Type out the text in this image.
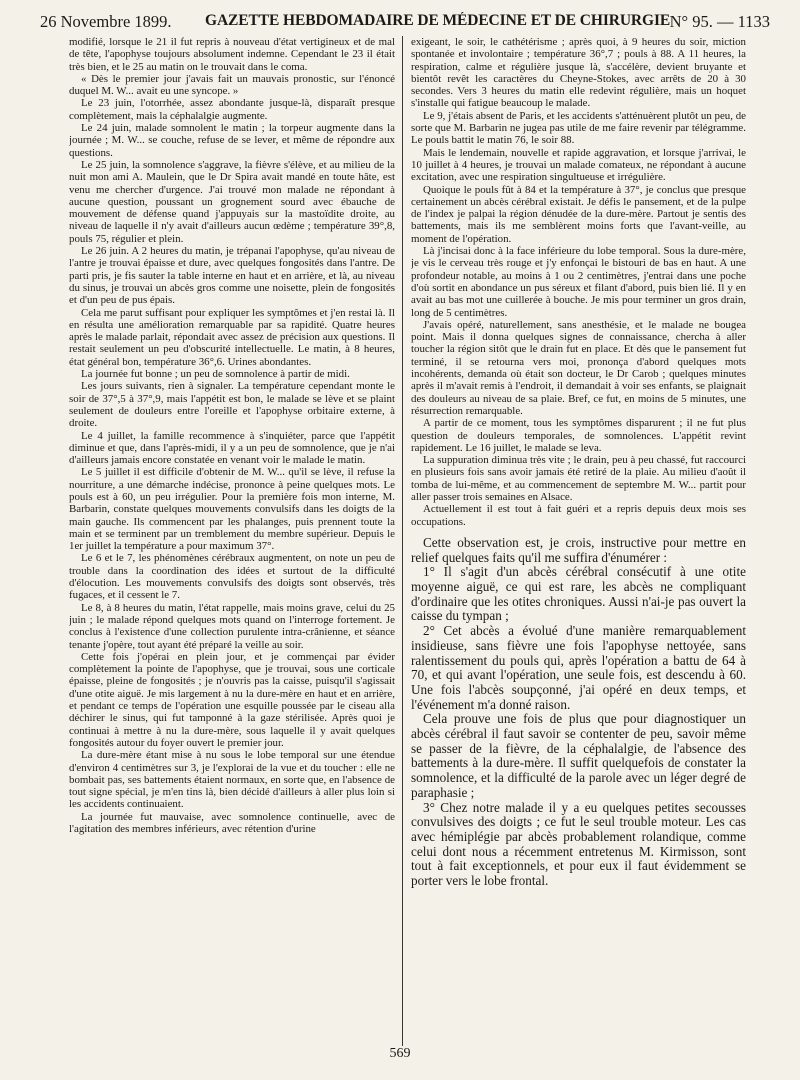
26 Novembre 1899. GAZETTE HEBDOMADAIRE DE MÉDECINE ET DE CHIRURGIE N° 95. — 1133

modifié, lorsque le 21 il fut repris à nouveau d'état vertigineux et de mal de tête, l'apophyse toujours absolument indemne. Cependant le 23 il était très bien, et le 25 au matin on le trouvait dans le coma.

« Dès le premier jour j'avais fait un mauvais pronostic, sur l'énoncé duquel M. W... avait eu une syncope. »

Le 23 juin, l'otorrhée, assez abondante jusque-là, disparaît presque complètement, mais la céphalalgie augmente.

Le 24 juin, malade somnolent le matin ; la torpeur augmente dans la journée ; M. W... se couche, refuse de se lever, et même de répondre aux questions.

Le 25 juin, la somnolence s'aggrave, la fièvre s'élève, et au milieu de la nuit mon ami A. Maulein, que le Dr Spira avait mandé en toute hâte, est venu me chercher d'urgence. J'ai trouvé mon malade ne répondant à aucune question, poussant un grognement sourd avec ébauche de mouvement de défense quand j'appuyais sur la mastoïdite droite, au niveau de laquelle il n'y avait d'ailleurs aucun œdème ; température 39°,8, pouls 75, régulier et plein.

Le 26 juin. A 2 heures du matin, je trépanai l'apophyse, qu'au niveau de l'antre je trouvai épaisse et dure, avec quelques fongosités dans l'antre. De parti pris, je fis sauter la table interne en haut et en arrière, et là, au niveau du sinus, je trouvai un abcès gros comme une noisette, plein de fongosités et d'un peu de pus épais.

Cela me parut suffisant pour expliquer les symptômes et j'en restai là. Il en résulta une amélioration remarquable par sa rapidité. Quatre heures après le malade parlait, répondait avec assez de précision aux questions. Il restait seulement un peu d'obscurité intellectuelle. Le matin, à 8 heures, état général bon, température 36°,6. Urines abondantes.

La journée fut bonne ; un peu de somnolence à partir de midi.

Les jours suivants, rien à signaler. La température cependant monte le soir de 37°,5 à 37°,9, mais l'appétit est bon, le malade se lève et se plaint seulement de douleurs entre l'oreille et l'apophyse orbitaire externe, à droite.

Le 4 juillet, la famille recommence à s'inquiéter, parce que l'appétit diminue et que, dans l'après-midi, il y a un peu de somnolence, que je n'ai d'ailleurs jamais encore constatée en venant voir le malade le matin.

Le 5 juillet il est difficile d'obtenir de M. W... qu'il se lève, il refuse la nourriture, a une démarche indécise, prononce à peine quelques mots. Le pouls est à 60, un peu irrégulier. Pour la première fois mon interne, M. Barbarin, constate quelques mouvements convulsifs dans les doigts de la main gauche. Ils commencent par les phalanges, puis prennent toute la main et se terminent par un tremblement du membre supérieur. Depuis le 1er juillet la température a pour maximum 37°.

Le 6 et le 7, les phénomènes cérébraux augmentent, on note un peu de trouble dans la coordination des idées et surtout de la difficulté d'élocution. Les mouvements convulsifs des doigts sont observés, très fugaces, et il cessent le 7.

Le 8, à 8 heures du matin, l'état rappelle, mais moins grave, celui du 25 juin ; le malade répond quelques mots quand on l'interroge fortement. Je conclus à l'existence d'une collection purulente intra-crânienne, et séance tenante j'opère, tout ayant été préparé la veille au soir.

Cette fois j'opérai en plein jour, et je commençai par évider complètement la pointe de l'apophyse, que je trouvai, sous une corticale épaisse, pleine de fongosités ; je n'ouvris pas la caisse, puisqu'il s'agissait d'une otite aiguë. Je mis largement à nu la dure-mère en haut et en arrière, et pendant ce temps de l'opération une esquille poussée par le ciseau alla déchirer le sinus, qui fut tamponné à la gaze stérilisée. Après quoi je continuai à mettre à nu la dure-mère, sous laquelle il y avait quelques fongosités autour du foyer ouvert le premier jour.

La dure-mère étant mise à nu sous le lobe temporal sur une étendue d'environ 4 centimètres sur 3, je l'explorai de la vue et du toucher : elle ne bombait pas, ses battements étaient normaux, en sorte que, en l'absence de tout signe spécial, je m'en tins là, bien décidé d'ailleurs à aller plus loin si les accidents continuaient.

La journée fut mauvaise, avec somnolence continuelle, avec de l'agitation des membres inférieurs, avec rétention d'urine

exigeant, le soir, le cathétérisme ; après quoi, à 9 heures du soir, miction spontanée et involontaire ; température 36°,7 ; pouls à 88. A 11 heures, la respiration, calme et régulière jusque là, s'accélère, devient bruyante et bientôt revêt les caractères du Cheyne-Stokes, avec arrêts de 20 à 30 secondes. Vers 3 heures du matin elle redevint régulière, mais un hoquet s'installe qui fatigue beaucoup le malade.

Le 9, j'étais absent de Paris, et les accidents s'atténuèrent plutôt un peu, de sorte que M. Barbarin ne jugea pas utile de me faire revenir par télégramme. Le pouls battit le matin 76, le soir 88.

Mais le lendemain, nouvelle et rapide aggravation, et lorsque j'arrivai, le 10 juillet à 4 heures, je trouvai un malade comateux, ne répondant à aucune excitation, avec une respiration singultueuse et irrégulière.

Quoique le pouls fût à 84 et la température à 37°, je conclus que presque certainement un abcès cérébral existait. Je défis le pansement, et de la pulpe de l'index je palpai la région dénudée de la dure-mère. Partout je sentis des battements, mais ils me semblèrent moins forts que l'avant-veille, au moment de l'opération.

Là j'incisai donc à la face inférieure du lobe temporal. Sous la dure-mère, je vis le cerveau très rouge et j'y enfonçai le bistouri de bas en haut. A une profondeur notable, au moins à 1 ou 2 centimètres, j'entrai dans une poche d'où sortit en abondance un pus séreux et filant d'abord, puis bien lié. Il y en avait au bas mot une cuillerée à bouche. Je mis pour terminer un gros drain, long de 5 centimètres.

J'avais opéré, naturellement, sans anesthésie, et le malade ne bougea point. Mais il donna quelques signes de connaissance, chercha à aller toucher la région sitôt que le drain fut en place. Et dès que le pansement fut terminé, il se retourna vers moi, prononça d'abord quelques mots incohérents, demanda où était son docteur, le Dr Carob ; quelques minutes après il m'avait remis à l'endroit, il demandait à voir ses enfants, se plaignait des douleurs au niveau de sa plaie. Bref, ce fut, en moins de 5 minutes, une résurrection remarquable.

A partir de ce moment, tous les symptômes disparurent ; il ne fut plus question de douleurs temporales, de somnolences. L'appétit revint rapidement. Le 16 juillet, le malade se leva.

La suppuration diminua très vite ; le drain, peu à peu chassé, fut raccourci en plusieurs fois sans avoir jamais été retiré de la plaie. Au milieu d'août il tomba de lui-même, et au commencement de septembre M. W... partit pour aller passer trois semaines en Alsace.

Actuellement il est tout à fait guéri et a repris depuis deux mois ses occupations.

Cette observation est, je crois, instructive pour mettre en relief quelques faits qu'il me suffira d'énumérer :

1° Il s'agit d'un abcès cérébral consécutif à une otite moyenne aiguë, ce qui est rare, les abcès ne compliquant d'ordinaire que les otites chroniques. Aussi n'ai-je pas ouvert la caisse du tympan ;

2° Cet abcès a évolué d'une manière remarquablement insidieuse, sans fièvre une fois l'apophyse nettoyée, sans ralentissement du pouls qui, après l'opération a battu de 64 à 70, et qui avant l'opération, une seule fois, est descendu à 60. Une fois l'abcès soupçonné, j'ai opéré en deux temps, et l'événement m'a donné raison.

Cela prouve une fois de plus que pour diagnostiquer un abcès cérébral il faut savoir se contenter de peu, savoir même se passer de la fièvre, de la céphalalgie, de l'absence des battements à la dure-mère. Il suffit quelquefois de constater la somnolence, et la difficulté de la parole avec un léger degré de paraphasie ;

3° Chez notre malade il y a eu quelques petites secousses convulsives des doigts ; ce fut le seul trouble moteur. Les cas avec hémiplégie par abcès probablement rolandique, comme celui dont nous a récemment entretenus M. Kirmisson, sont tout à fait exceptionnels, et pour eux il faut évidemment se porter vers le lobe frontal.

569
